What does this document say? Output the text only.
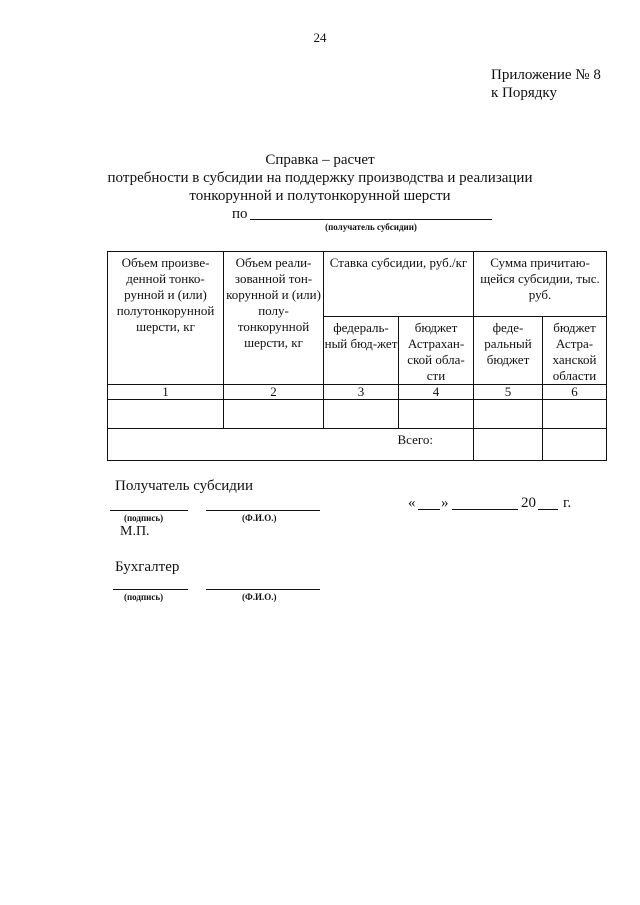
24
Приложение № 8
к Порядку
Справка – расчет
потребности в субсидии на поддержку производства и реализации
тонкорунной и полутонкорунной шерсти
по
(получатель субсидии)
Объем произве-денной тонко-рунной и (или) полутонкорунной шерсти, кг	Объем реали-зованной тон-корунной и (или) полу-тонкорунной шерсти, кг	Ставка субсидии, руб./кг		Сумма причитаю-щейся субсидии, тыс. руб.	
		федераль-ный бюд-жет	бюджет Астрахан-ской обла-сти	феде-ральный бюджет	бюджет Астра-ханской области
1	2	3	4	5	6

Всего:					
Получатель субсидии
(подпись)	(Ф.И.О.)
М.П.
« »	20 г.
Бухгалтер
(подпись)	(Ф.И.О.)
